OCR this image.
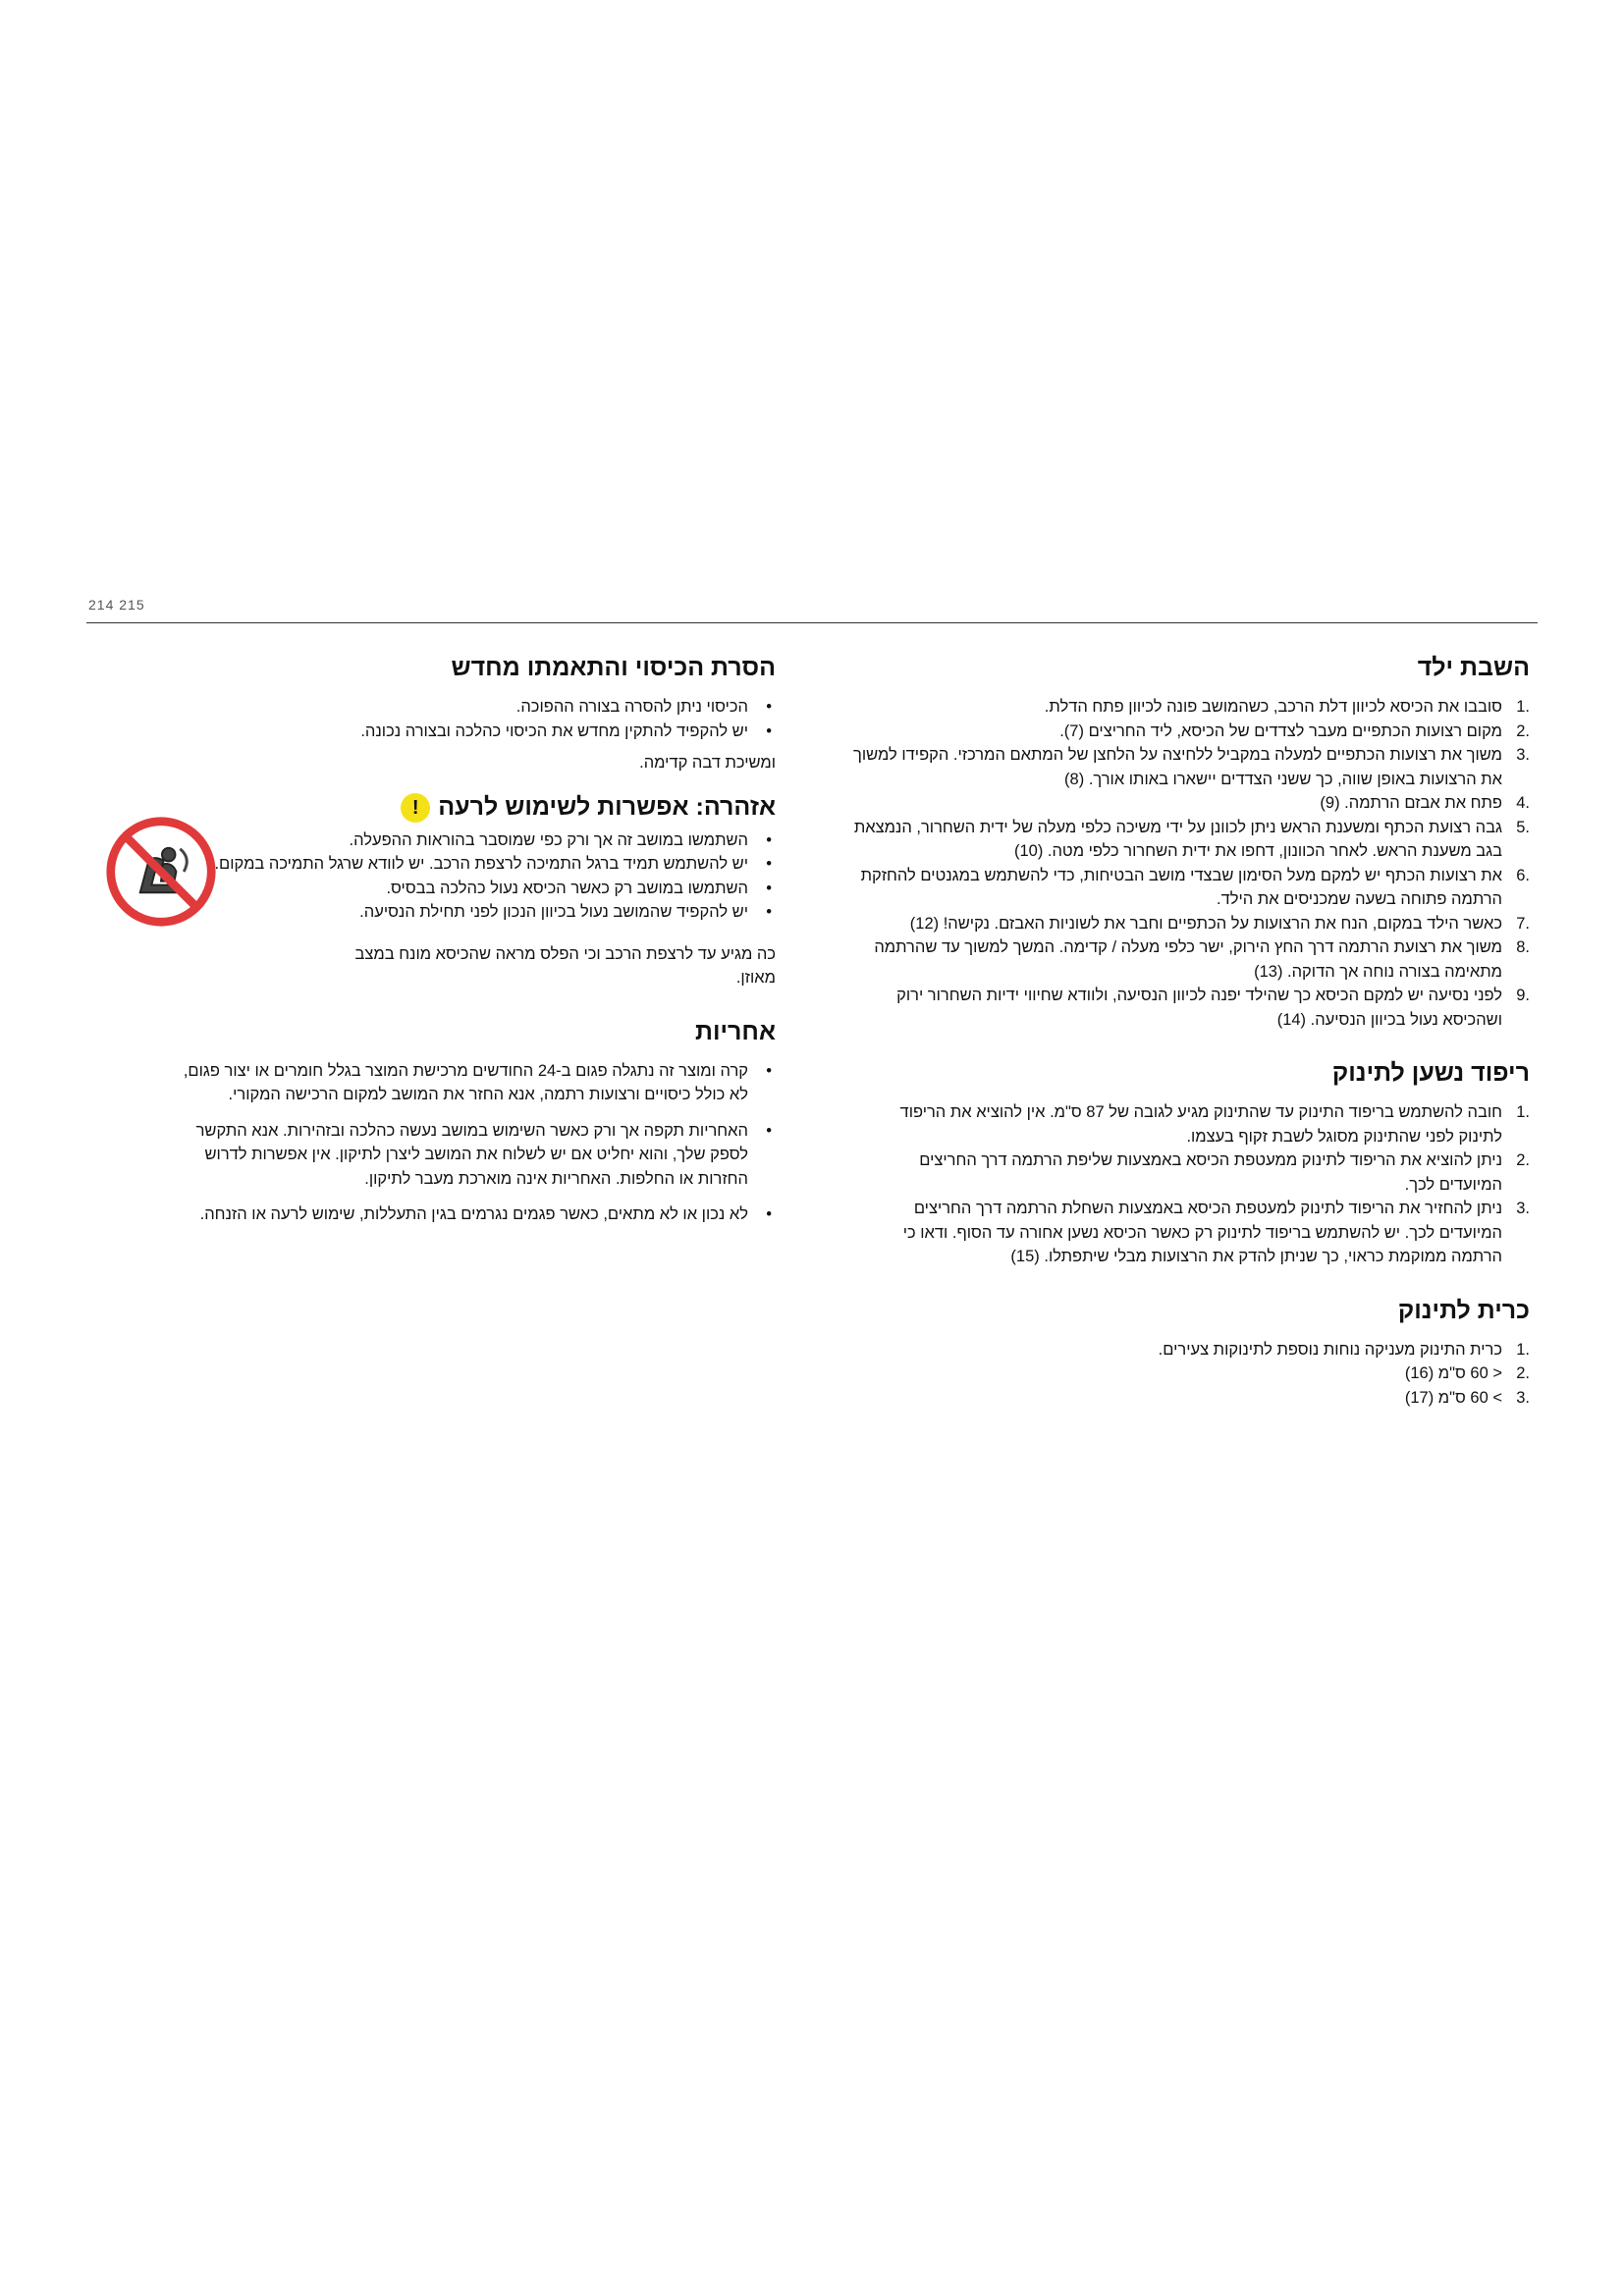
214 215
השבת ילד
.1
סובבו את הכיסא לכיוון דלת הרכב, כשהמושב פונה לכיוון פתח הדלת.
.2
מקום רצועות הכתפיים מעבר לצדדים של הכיסא, ליד החריצים (7).
.3
משוך את רצועות הכתפיים למעלה במקביל ללחיצה על הלחצן של המתאם המרכזי. הקפידו למשוך את הרצועות באופן שווה, כך ששני הצדדים יישארו באותו אורך. (8)
.4
פתח את אבזם הרתמה. (9)
.5
גבה רצועת הכתף ומשענת הראש ניתן לכוונן על ידי משיכה כלפי מעלה של ידית השחרור, הנמצאת בגב משענת הראש. לאחר הכוונון, דחפו את ידית השחרור כלפי מטה. (10)
.6
את רצועות הכתף יש למקם מעל הסימון שבצדי מושב הבטיחות, כדי להשתמש במגנטים להחזקת הרתמה פתוחה בשעה שמכניסים את הילד.
.7
כאשר הילד במקום, הנח את הרצועות על הכתפיים וחבר את לשוניות האבזם. נקישה! (12)
.8
משוך את רצועת הרתמה דרך החץ הירוק, ישר כלפי מעלה / קדימה. המשך למשוך עד שהרתמה מתאימה בצורה נוחה אך הדוקה. (13)
.9
לפני נסיעה יש למקם הכיסא כך שהילד יפנה לכיוון הנסיעה, ולוודא שחיווי ידיות השחרור ירוק ושהכיסא נעול בכיוון הנסיעה. (14)
ריפוד נשען לתינוק
.1
חובה להשתמש בריפוד התינוק עד שהתינוק מגיע לגובה של 87 ס"מ. אין להוציא את הריפוד לתינוק לפני שהתינוק מסוגל לשבת זקוף בעצמו.
.2
ניתן להוציא את הריפוד לתינוק ממעטפת הכיסא באמצעות שליפת הרתמה דרך החריצים המיועדים לכך.
.3
ניתן להחזיר את הריפוד לתינוק למעטפת הכיסא באמצעות השחלת הרתמה דרך החריצים המיועדים לכך. יש להשתמש בריפוד לתינוק רק כאשר הכיסא נשען אחורה עד הסוף. ודאו כי הרתמה ממוקמת כראוי, כך שניתן להדק את הרצועות מבלי שיתפתלו. (15)
כרית לתינוק
.1
כרית התינוק מעניקה נוחות נוספת לתינוקות צעירים.
.2
< 60 ס"מ (16)
.3
> 60 ס"מ (17)
הסרת הכיסוי והתאמתו מחדש
•
הכיסוי ניתן להסרה בצורה ההפוכה.
•
יש להקפיד להתקין מחדש את הכיסוי כהלכה ובצורה נכונה.

ומשיכת דבה קדימה.

אזהרה: אפשרות לשימוש לרעה
!
•
השתמשו במושב זה אך ורק כפי שמוסבר בהוראות ההפעלה.
•
יש להשתמש תמיד ברגל התמיכה לרצפת הרכב. יש לוודא שרגל התמיכה במקום.
•
השתמשו במושב רק כאשר הכיסא נעול כהלכה בבסיס.
•
יש להקפיד שהמושב נעול בכיוון הנכון לפני תחילת הנסיעה.

כה מגיע עד לרצפת הרכב וכי הפלס מראה שהכיסא מונח במצב מאוזן.

אחריות
•
קרה ומוצר זה נתגלה פגום ב-24 החודשים מרכישת המוצר בגלל חומרים או יצור פגום, לא כולל כיסויים ורצועות רתמה, אנא החזר את המושב למקום הרכישה המקורי.
•
האחריות תקפה אך ורק כאשר השימוש במושב נעשה כהלכה ובזהירות. אנא התקשר לספק שלך, והוא יחליט אם יש לשלוח את המושב ליצרן לתיקון. אין אפשרות לדרוש החזרות או החלפות. האחריות אינה מוארכת מעבר לתיקון.
•
לא נכון או לא מתאים, כאשר פגמים נגרמים בגין התעללות, שימוש לרעה או הזנחה.
